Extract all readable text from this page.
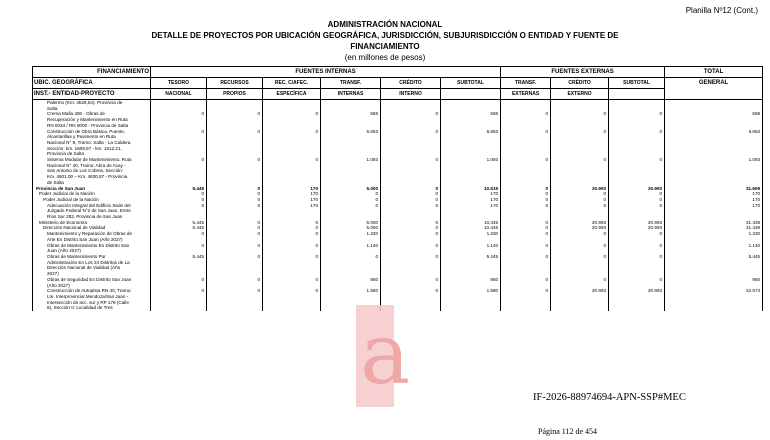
Planilla Nº12 (Cont.)
ADMINISTRACIÓN NACIONAL
DETALLE DE PROYECTOS POR UBICACIÓN GEOGRÁFICA, JURISDICCIÓN, SUBJURISDICCIÓN O ENTIDAD Y FUENTE DE
FINANCIAMIENTO
(en millones de pesos)
FINANCIAMIENTO	FUENTES INTERNAS						FUENTES EXTERNAS			TOTAL
UBIC. GEOGRÁFICA	TESORO	RECURSOS	REC. C/AFEC.	TRANSF.	CRÉDITO	SUBTOTAL	TRANSF.	CRÉDITO	SUBTOTAL	GENERAL
INST.- ENTIDAD-PROYECTO	NACIONAL	PROPIOS	ESPECÍFICA	INTERNAS	INTERNO		EXTERNAS	EXTERNO		
Palermo (Km. 4526,54). Provincia de										
Salta										
Crema Malla 406 - Obras de	0	0	0	568	0	568	0	0	0	568
Recuperación y Mantenimiento en Ruta										
RN 0034 / RN 0000 - Provincia de Salta										
Construcción de Obra Básica, Puente,	0	0	0	6.663	0	6.663	0	0	0	6.663
Alcantarillas y Pavimento en Ruta										
Nacional N° 9, Tramo: Salta - La Caldera,										
Sección: km. 1608,57 - km. 1612,21.										
Provincia de Salta										
Sistema Modular de Mantenimiento, Ruta	0	0	0	1.093	0	1.093	0	0	0	1.093
Nacional N° 40, Tramo: Abra de Acay -										
San Antonio de Los Cobres, Sección:										
Km. 4601,00 – Km. 4630,87 - Provincia										
de Salta										
Provincia de San Juan	5.445	0	170	5.000	0	10.615	0	20.993	20.993	31.609
Poder Judicial de la Nación	0	0	170	0	0	170	0	0	0	170
Poder Judicial de la Nación	0	0	170	0	0	170	0	0	0	170
Adecuación Integral del Edificio Sede del	0	0	170	0	0	170	0	0	0	170
Juzgado Federal N°2 de San Juan, Entre										
Ríos Sur 282, Provincia de San Juan										
Ministerio de Economía	5.445	0	0	5.000	0	10.445	0	20.993	20.993	31.439
Dirección Nacional de Vialidad	5.445	0	0	5.000	0	10.445	0	20.993	20.993	31.439
Mantenimiento y Reparación de Obras de	0	0	0	1.330	0	1.330	0	0	0	1.330
Arte En Distrito San Juan (Año 2027)										
Obras de Mantenimiento En Distrito San	0	0	0	1.140	0	1.140	0	0	0	1.140
Juan (Año 2027)										
Obras de Mantenimiento Por	5.445	0	0	0	0	5.445	0	0	0	5.445
Administración En Los 24 Distritos de La										
Dirección Nacional de Vialidad (Año										
2027)										
Obras de Seguridad En Distrito San Juan	0	0	0	950	0	950	0	0	0	950
(Año 2027)										
Construcción de Autopista RN 40, Tramo:	0	0	0	1.580	0	1.580	0	20.993	20.993	22.573
Lte. Interprovincial Mendoza/San Juan -										
Intersección de acc. sur y RP 179 (Calle										
8), Sección II: Localidad de Tres											a	IF-2026-88974694-APN-SSP#MEC
Página 112 de 454
